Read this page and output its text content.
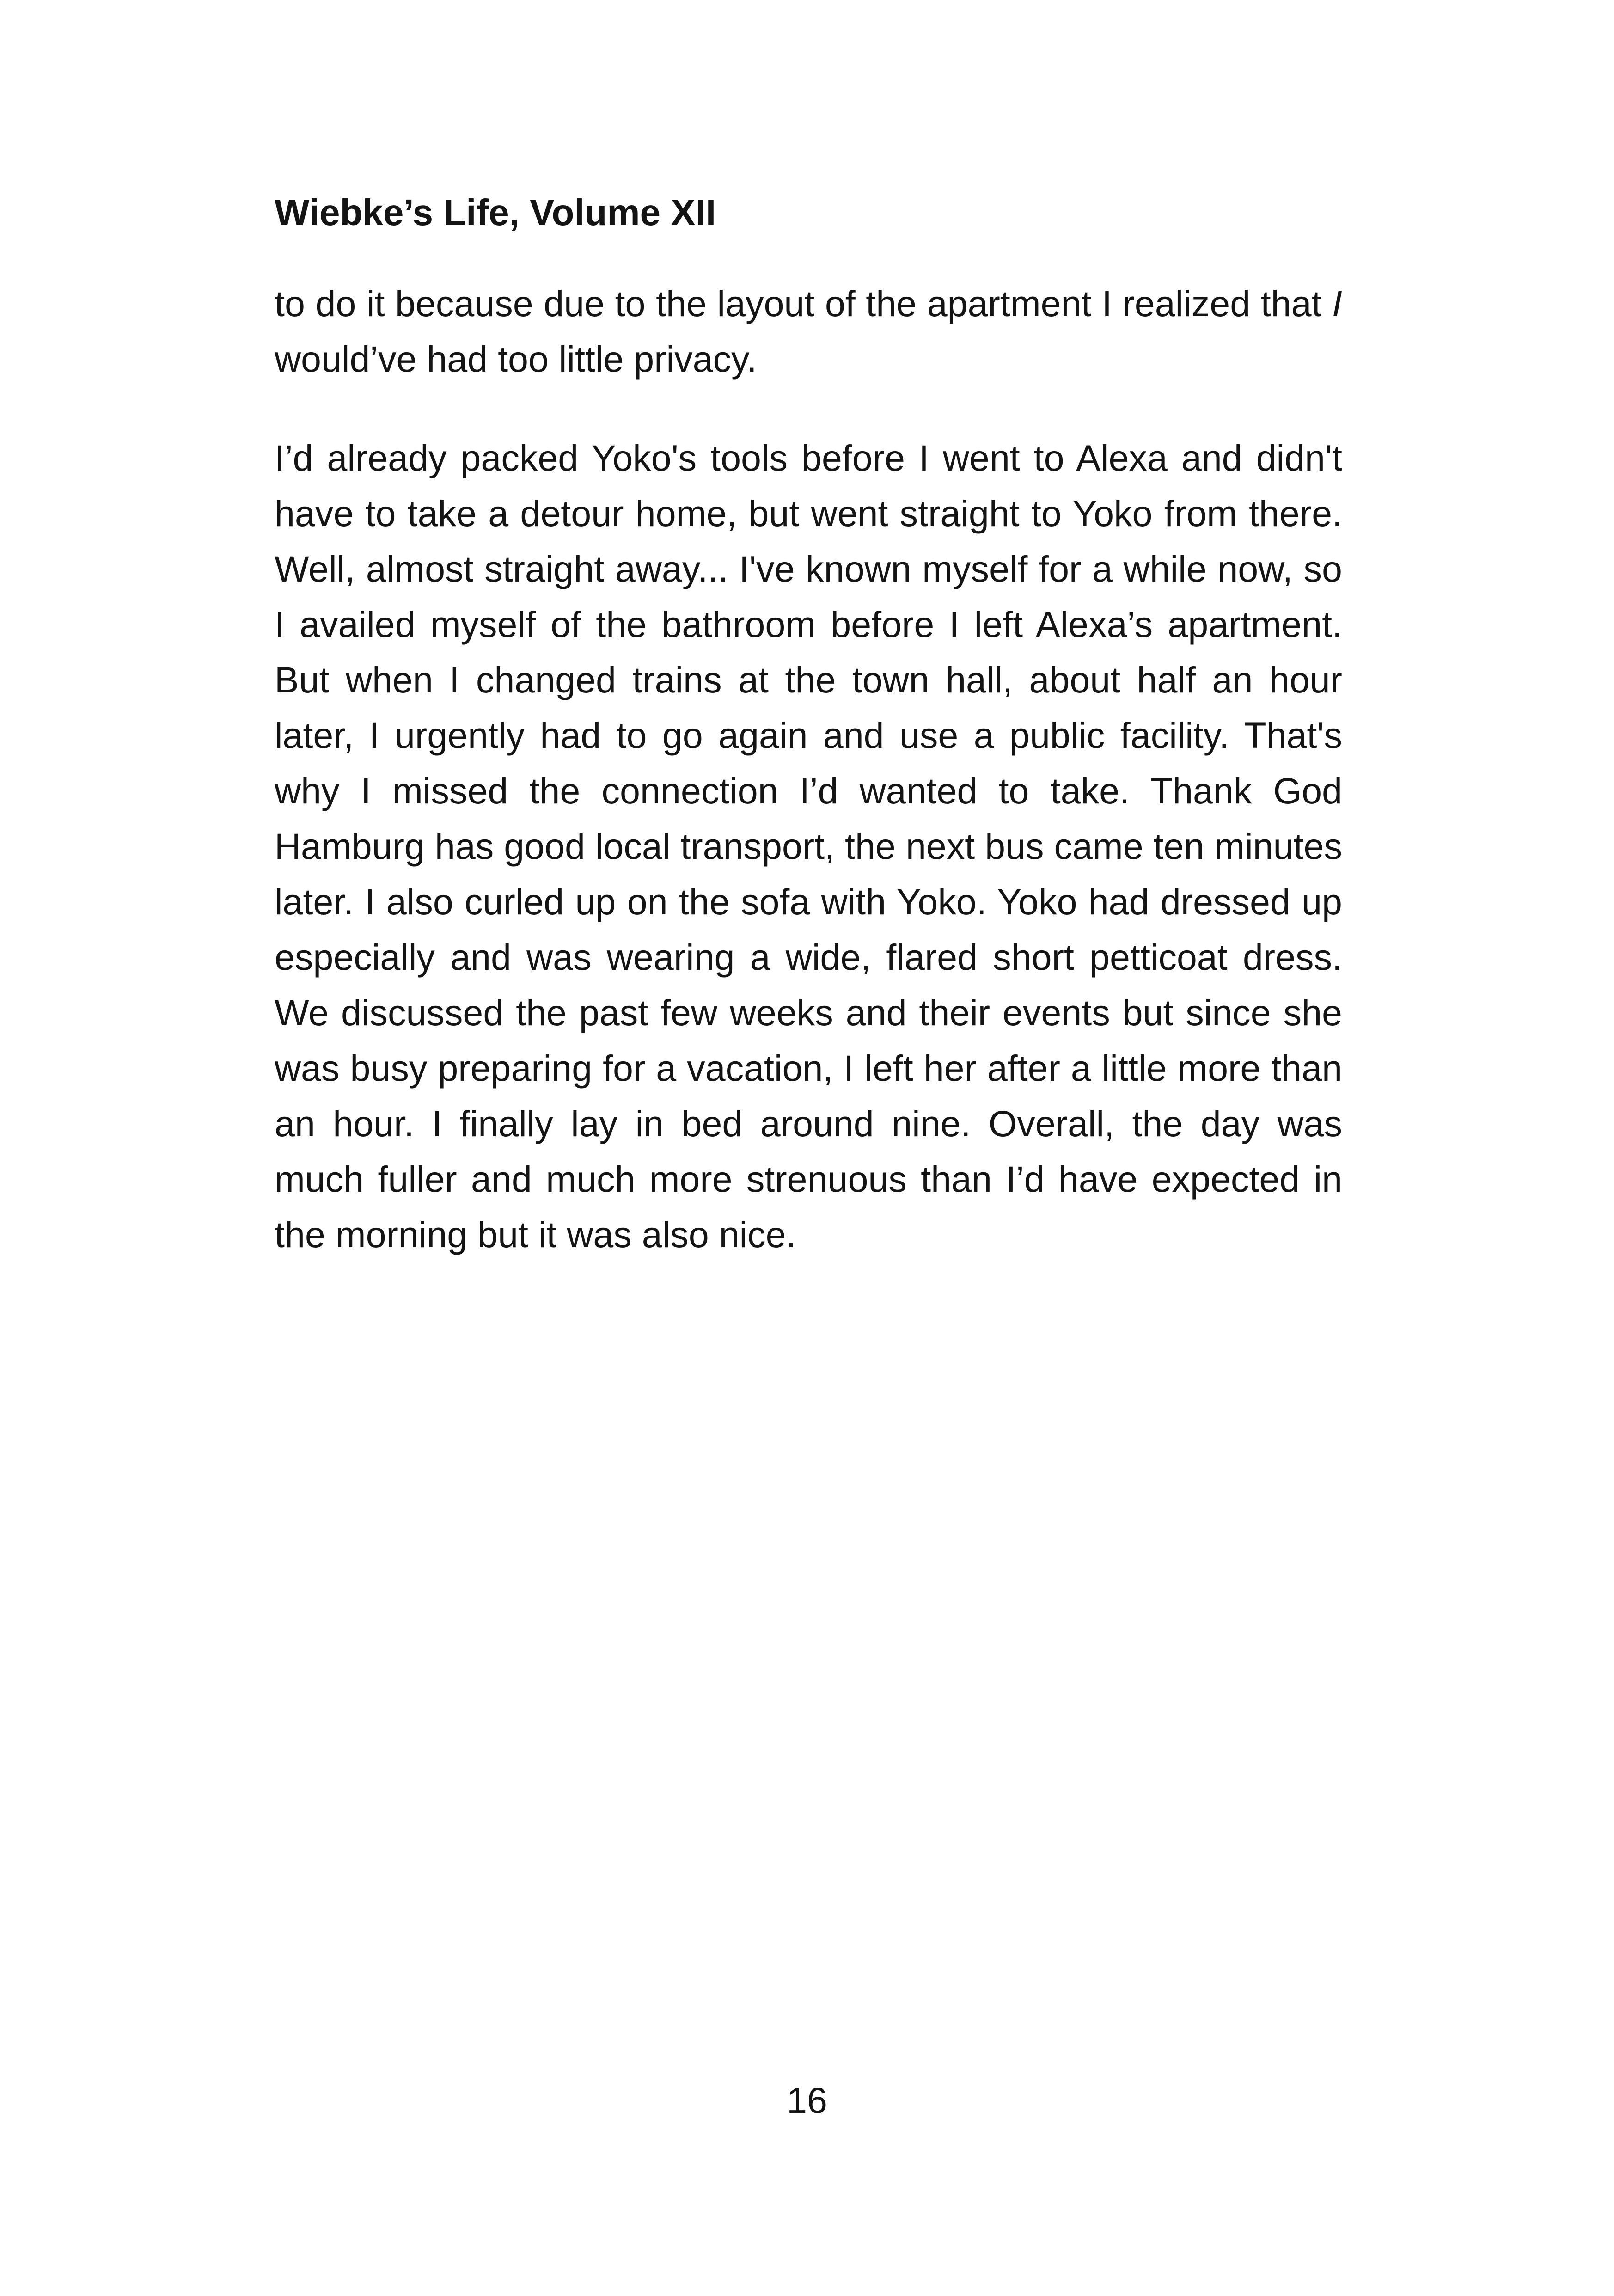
Wiebke’s Life, Volume XII

to do it because due to the layout of the apartment I realized that I would’ve had too little privacy.

I’d already packed Yoko's tools before I went to Alexa and didn't have to take a detour home, but went straight to Yoko from there. Well, almost straight away... I've known myself for a while now, so I availed myself of the bathroom before I left Alexa’s apartment. But when I changed trains at the town hall, about half an hour later, I urgently had to go again and use a public facility. That's why I missed the connection I’d wanted to take. Thank God Hamburg has good local transport, the next bus came ten minutes later. I also curled up on the sofa with Yoko. Yoko had dressed up especially and was wearing a wide, flared short petticoat dress. We discussed the past few weeks and their events but since she was busy preparing for a vacation, I left her after a little more than an hour. I finally lay in bed around nine. Overall, the day was much fuller and much more strenuous than I’d have expected in the morning but it was also nice.

16
